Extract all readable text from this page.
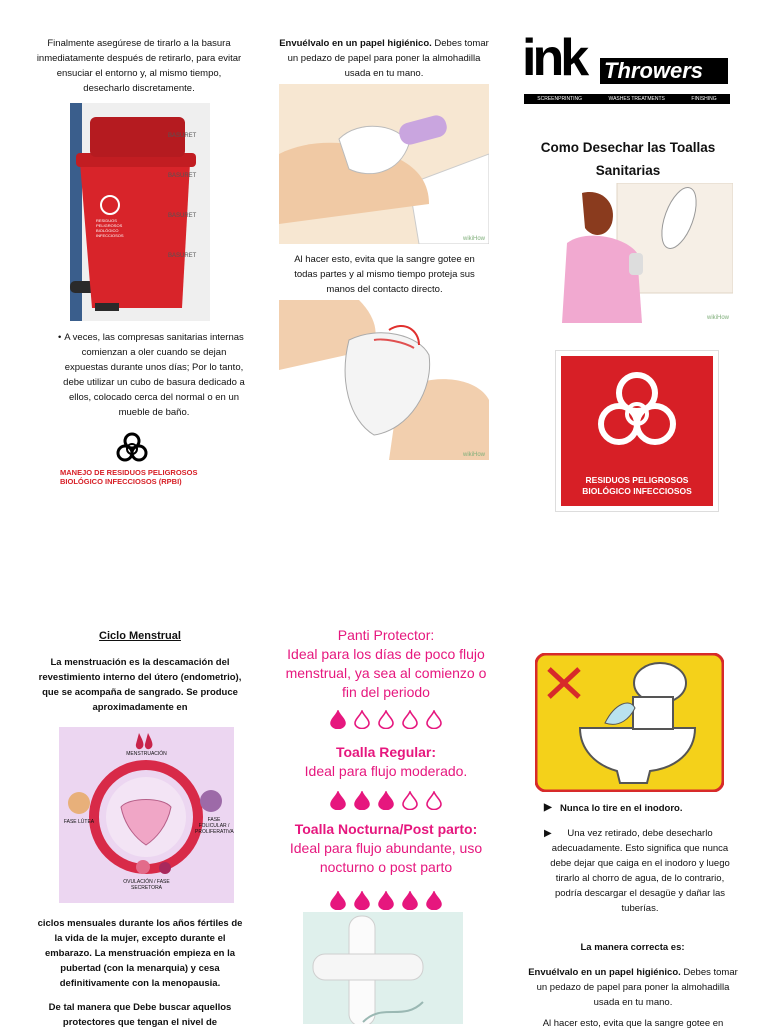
Finalmente asegúrese de tirarlo a la basura inmediatamente después de retirarlo, para evitar ensuciar el entorno y, al mismo tiempo, desecharlo discretamente.
BASURET
BASURET
BASURET
BASURET
RESIDUOS PELIGROSOS BIOLÓGICO INFECCIOSOS
• A veces, las compresas sanitarias internas comienzan a oler cuando se dejan expuestas durante unos días; Por lo tanto, debe utilizar un cubo de basura dedicado a ellos, colocado cerca del normal o en un mueble de baño.
MANEJO DE RESIDUOS PELIGROSOS BIOLÓGICO INFECCIOSOS (RPBI)
Envuélvalo en un papel higiénico. Debes tomar un pedazo de papel para poner la almohadilla usada en tu mano.
wikiHow
Al hacer esto, evita que la sangre gotee en todas partes y al mismo tiempo proteja sus manos del contacto directo.
wikiHow
ink Throwers
SCREENPRINTING	WASHES TREATMENTS	FINISHING
Como Desechar las Toallas Sanitarias
wikiHow
RESIDUOS PELIGROSOS
BIOLÓGICO INFECCIOSOS
Ciclo Menstrual
La menstruación es la descamación del revestimiento interno del útero (endometrio), que se acompaña de sangrado. Se produce aproximadamente en
MENSTRUACIÓN
FASE LÚTEA	FASE FOLICULAR / PROLIFERATIVA
OVULACIÓN / FASE SECRETORA
ciclos mensuales durante los años fértiles de la vida de la mujer, excepto durante el embarazo. La menstruación empieza en la pubertad (con la menarquia) y cesa definitivamente con la menopausia.
De tal manera que Debe buscar aquellos protectores que tengan el nivel de
Panti Protector:
Ideal para los días de poco flujo menstrual, ya sea al comienzo o fin del periodo
Toalla Regular:
Ideal para flujo moderado.
Toalla Nocturna/Post parto:
Ideal para flujo abundante, uso nocturno o post parto
▶ Nunca lo tire en el inodoro.
▶ Una vez retirado, debe desecharlo adecuadamente. Esto significa que nunca debe dejar que caiga en el inodoro y luego tirarlo al chorro de agua, de lo contrario, podría descargar el desagüe y dañar las tuberías.
La manera correcta es:
Envuélvalo en un papel higiénico. Debes tomar un pedazo de papel para poner la almohadilla usada en tu mano.
Al hacer esto, evita que la sangre gotee en
